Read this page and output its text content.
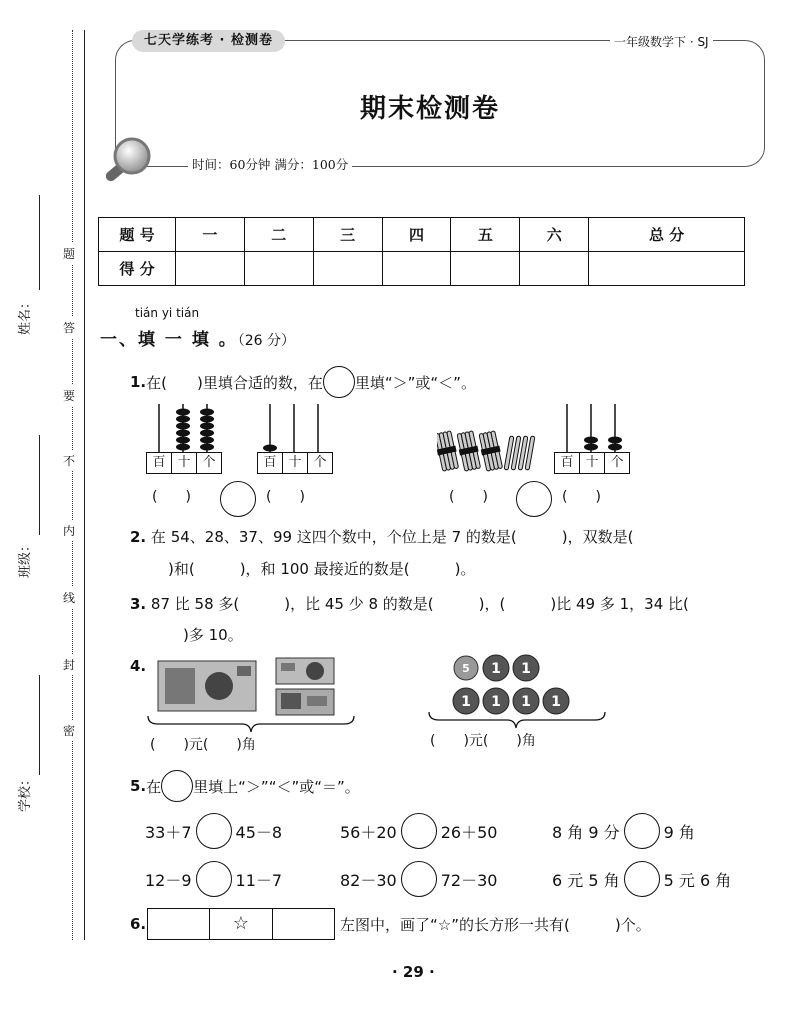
题
答
要
不
内
线
封
密
姓名：
班级：
学校：
七天学练考 · 检测卷	一年级数学下 · SJ
期末检测卷
时间：60分钟 满分：100分
题 号	一	二	三	四	五	六	总 分
得 分							
tián yi tián
一、填 一 填 。（26 分）
1. 在(　　)里填合适的数，在 里填“＞”或“＜”。
百 十 个	百 十 个
(　　)	(　　)
百 十 个
(　　)	(　　)
2. 在 54、28、37、99 这四个数中，个位上是 7 的数是(　　　)，双数是(
)和(　　　)，和 100 最接近的数是(　　　)。
3. 87 比 58 多(　　　)，比 45 少 8 的数是(　　　)，(　　　)比 49 多 1，34 比(
)多 10。
4.
(　　)元(　　)角
5 1 1
1 1 1 1
(　　)元(　　)角
5. 在 里填上“＞”“＜”或“＝”。
33＋7	45－8	56＋20	26＋50	8 角 9 分	9 角
12－9	11－7	82－30	72－30	6 元 5 角	5 元 6 角
6.	☆	左图中，画了“☆”的长方形一共有(　　　)个。
· 29 ·
